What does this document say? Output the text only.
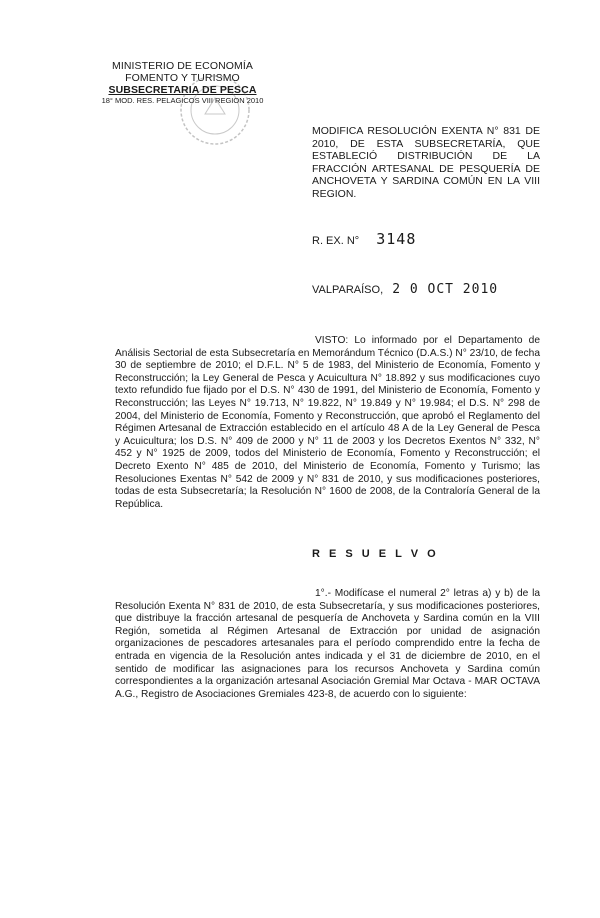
MINISTERIO DE ECONOMÍA
FOMENTO Y TURISMO
SUBSECRETARIA DE PESCA
18° MOD. RES. PELAGICOS VIII REGION 2010
MODIFICA RESOLUCIÓN EXENTA N° 831 DE 2010, DE ESTA SUBSECRETARÍA, QUE ESTABLECIÓ DISTRIBUCIÓN DE LA FRACCIÓN ARTESANAL DE PESQUERÍA DE ANCHOVETA Y SARDINA COMÚN EN LA VIII REGION.
R. EX. N° 3148
VALPARAÍSO, 2 0 OCT 2010
VISTO: Lo informado por el Departamento de Análisis Sectorial de esta Subsecretaría en Memorándum Técnico (D.A.S.) N° 23/10, de fecha 30 de septiembre de 2010; el D.F.L. N° 5 de 1983, del Ministerio de Economía, Fomento y Reconstrucción; la Ley General de Pesca y Acuicultura N° 18.892 y sus modificaciones cuyo texto refundido fue fijado por el D.S. N° 430 de 1991, del Ministerio de Economía, Fomento y Reconstrucción; las Leyes N° 19.713, N° 19.822, N° 19.849 y N° 19.984; el D.S. N° 298 de 2004, del Ministerio de Economía, Fomento y Reconstrucción, que aprobó el Reglamento del Régimen Artesanal de Extracción establecido en el artículo 48 A de la Ley General de Pesca y Acuicultura; los D.S. N° 409 de 2000 y N° 11 de 2003 y los Decretos Exentos N° 332, N° 452 y N° 1925 de 2009, todos del Ministerio de Economía, Fomento y Reconstrucción; el Decreto Exento N° 485 de 2010, del Ministerio de Economía, Fomento y Turismo; las Resoluciones Exentas N° 542 de 2009 y N° 831 de 2010, y sus modificaciones posteriores, todas de esta Subsecretaría; la Resolución N° 1600 de 2008, de la Contraloría General de la República.
R E S U E L V O
1°.- Modifícase el numeral 2° letras a) y b) de la Resolución Exenta N° 831 de 2010, de esta Subsecretaría, y sus modificaciones posteriores, que distribuye la fracción artesanal de pesquería de Anchoveta y Sardina común en la VIII Región, sometida al Régimen Artesanal de Extracción por unidad de asignación organizaciones de pescadores artesanales para el período comprendido entre la fecha de entrada en vigencia de la Resolución antes indicada y el 31 de diciembre de 2010, en el sentido de modificar las asignaciones para los recursos Anchoveta y Sardina común correspondientes a la organización artesanal Asociación Gremial Mar Octava - MAR OCTAVA A.G., Registro de Asociaciones Gremiales 423-8, de acuerdo con lo siguiente:
